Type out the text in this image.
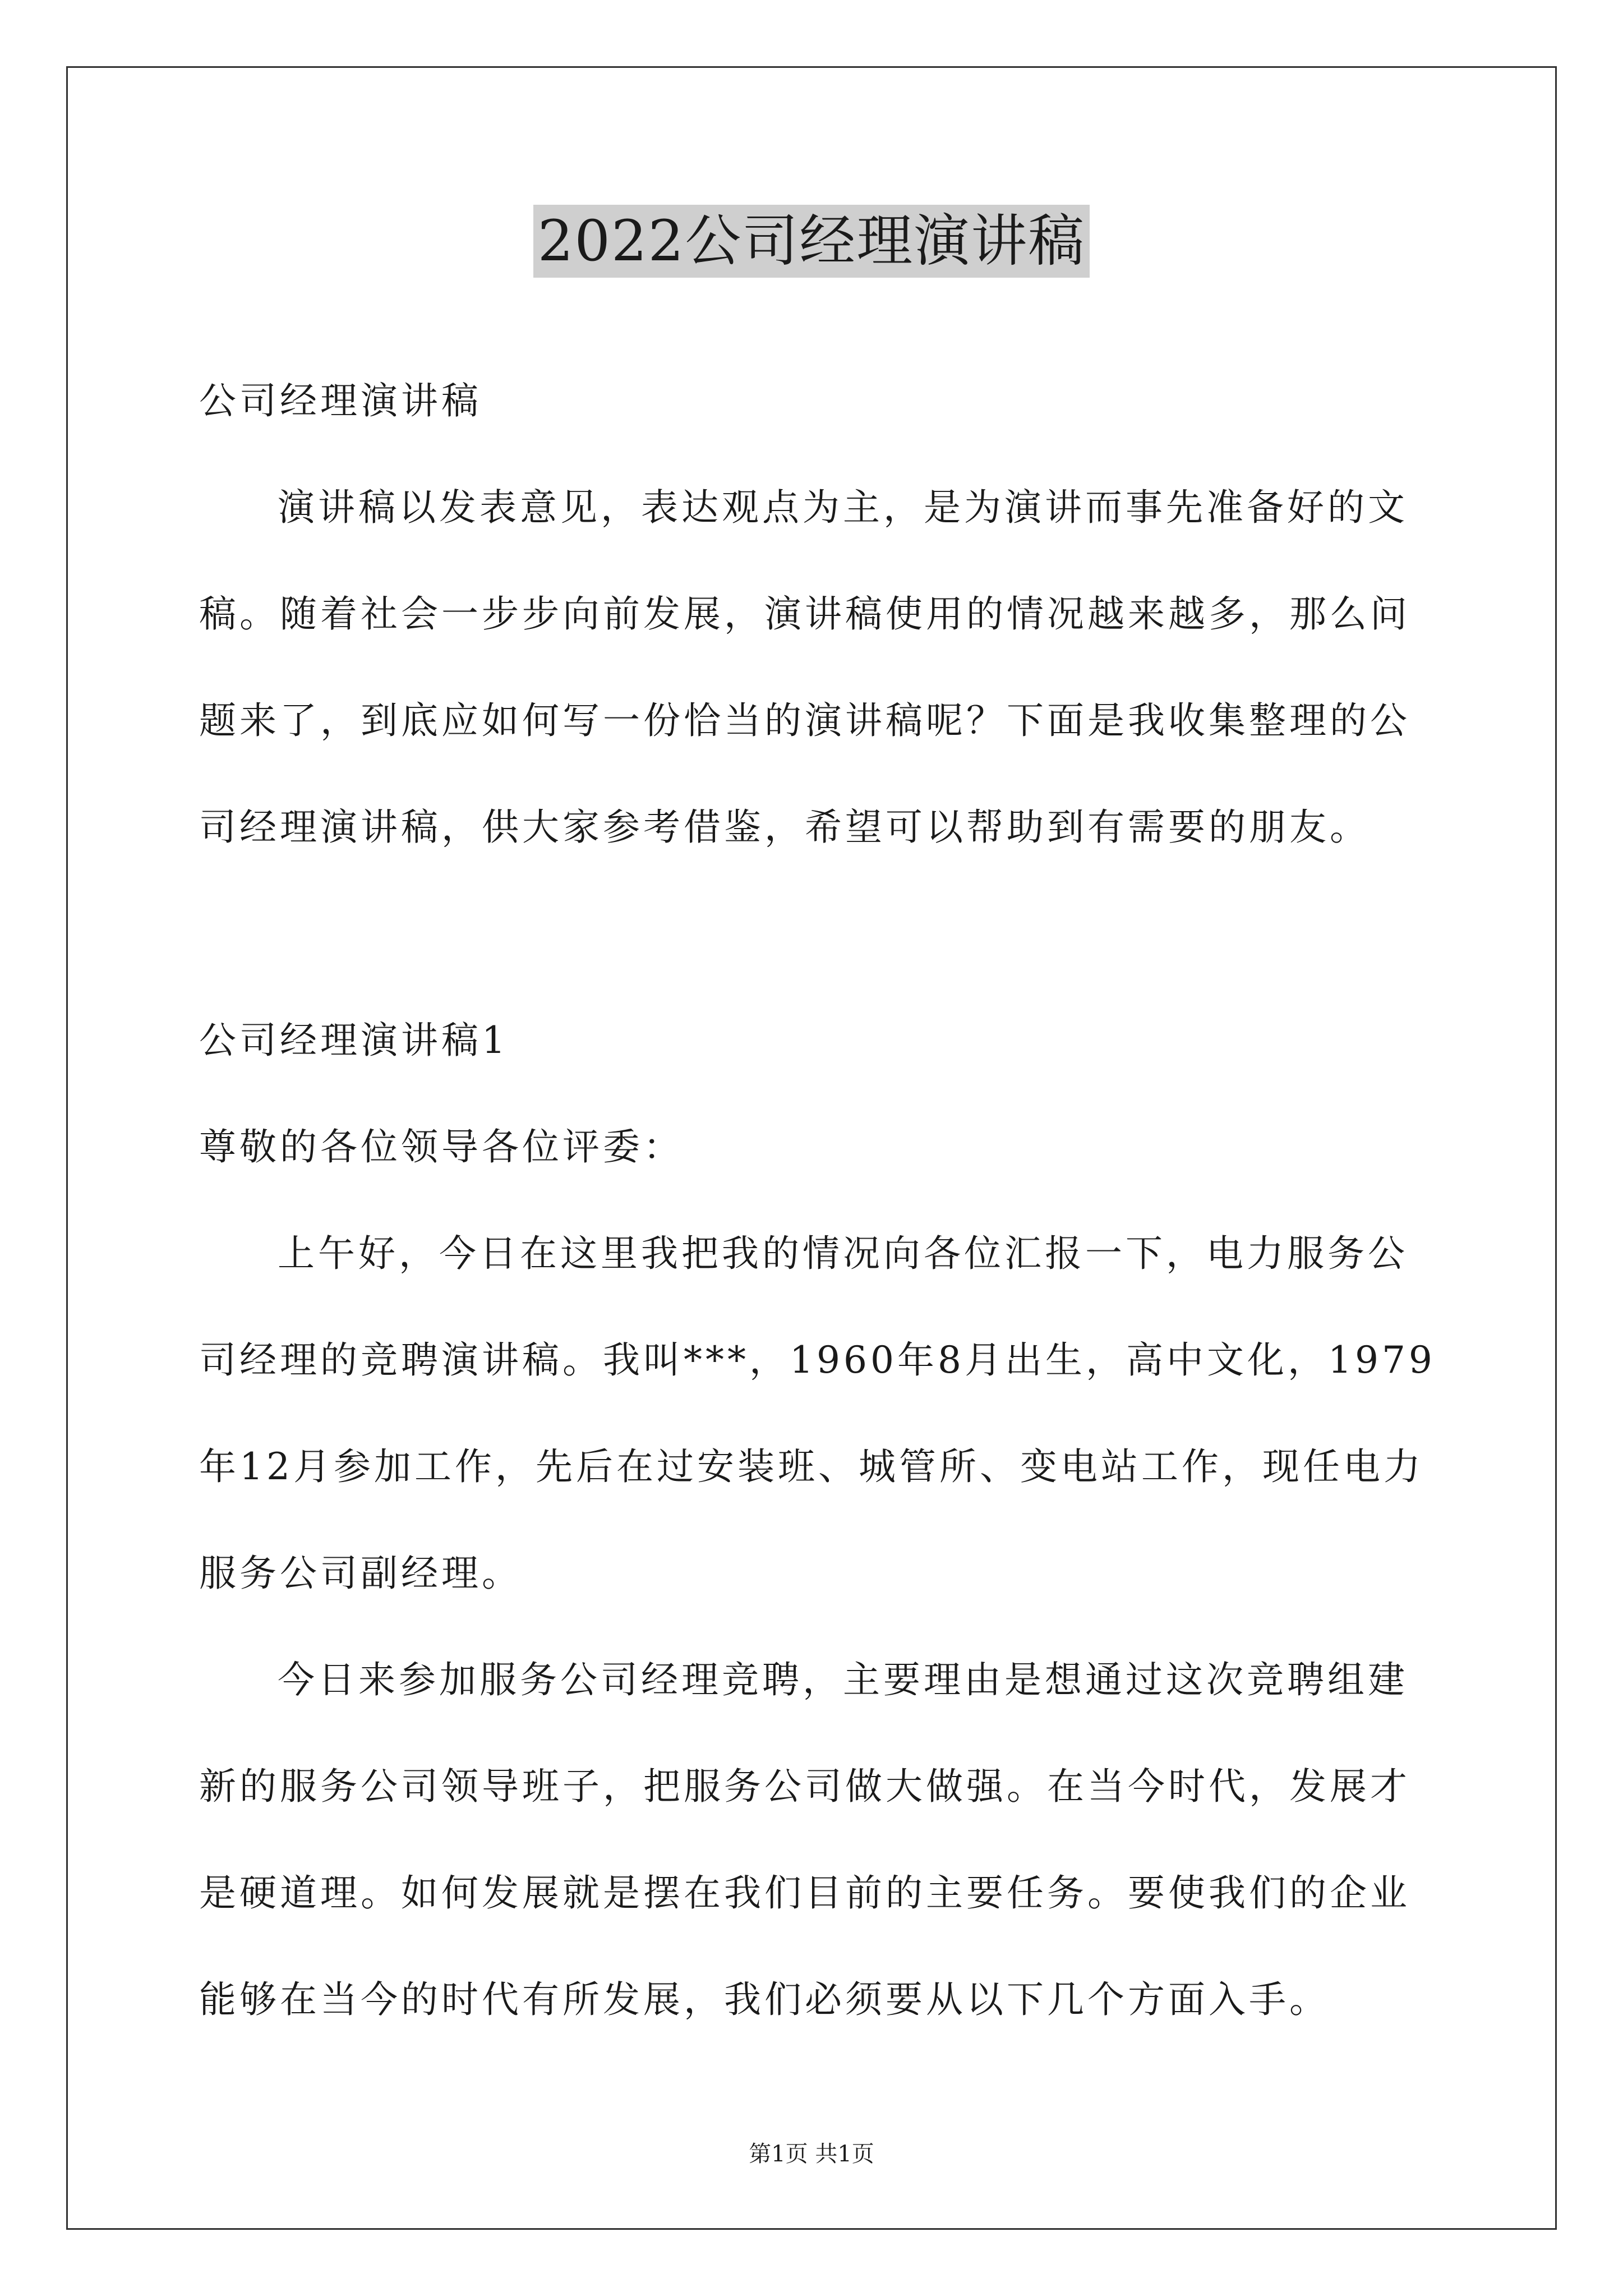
2022公司经理演讲稿
公司经理演讲稿
演讲稿以发表意见，表达观点为主，是为演讲而事先准备好的文
稿。随着社会一步步向前发展，演讲稿使用的情况越来越多，那么问
题来了，到底应如何写一份恰当的演讲稿呢？下面是我收集整理的公
司经理演讲稿，供大家参考借鉴，希望可以帮助到有需要的朋友。
公司经理演讲稿1
尊敬的各位领导各位评委：
上午好，今日在这里我把我的情况向各位汇报一下，电力服务公
司经理的竞聘演讲稿。我叫***，1960年8月出生，高中文化，1979
年12月参加工作，先后在过安装班、城管所、变电站工作，现任电力
服务公司副经理。
今日来参加服务公司经理竞聘，主要理由是想通过这次竞聘组建
新的服务公司领导班子，把服务公司做大做强。在当今时代，发展才
是硬道理。如何发展就是摆在我们目前的主要任务。要使我们的企业
能够在当今的时代有所发展，我们必须要从以下几个方面入手。
第1页 共1页
